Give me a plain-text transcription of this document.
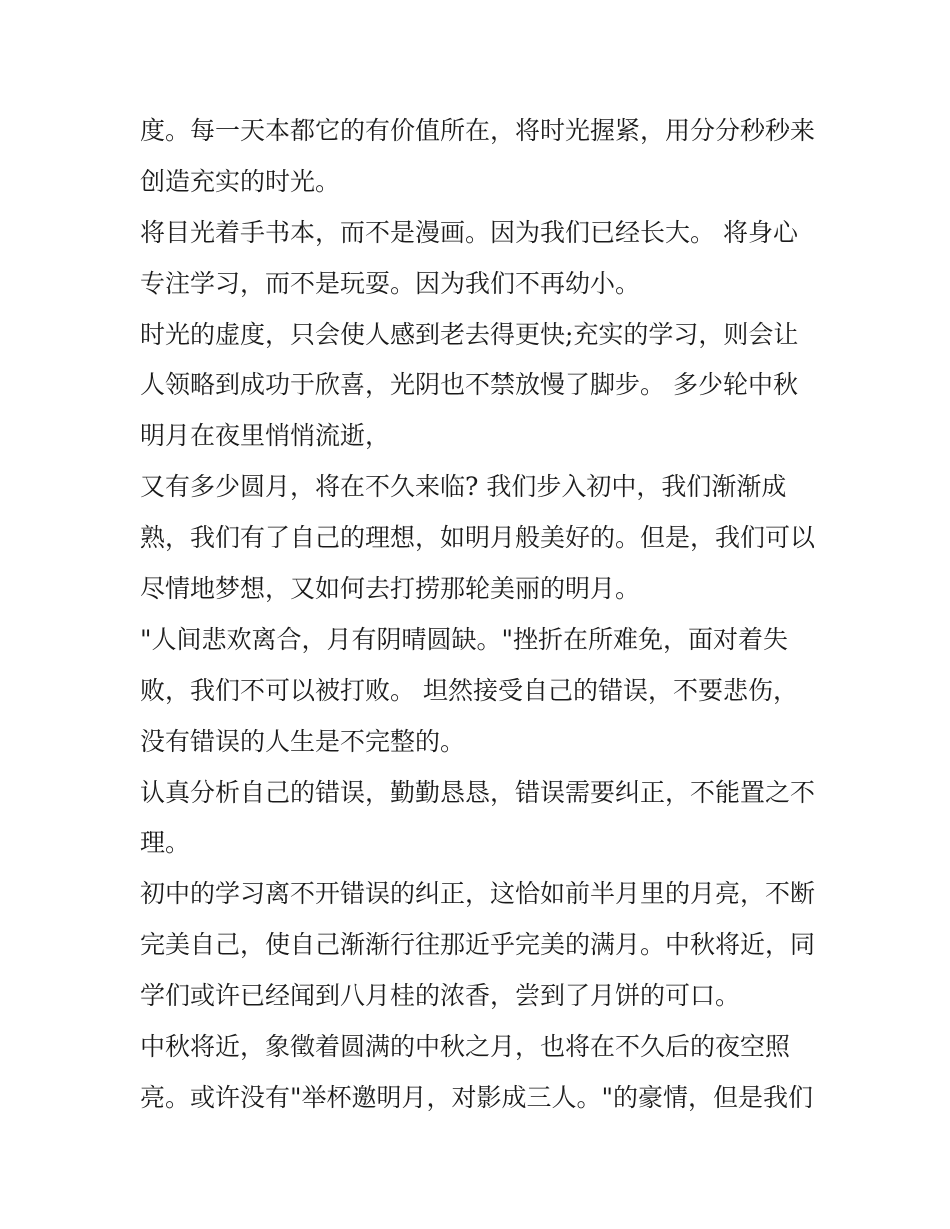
度。每一天本都它的有价值所在，将时光握紧，用分分秒秒来
创造充实的时光。
将目光着手书本，而不是漫画。因为我们已经长大。 将身心
专注学习，而不是玩耍。因为我们不再幼小。
时光的虚度，只会使人感到老去得更快;充实的学习，则会让
人领略到成功于欣喜，光阴也不禁放慢了脚步。 多少轮中秋
明月在夜里悄悄流逝，
又有多少圆月，将在不久来临? 我们步入初中，我们渐渐成
熟，我们有了自己的理想，如明月般美好的。但是，我们可以
尽情地梦想，又如何去打捞那轮美丽的明月。
"人间悲欢离合，月有阴晴圆缺。"挫折在所难免，面对着失
败，我们不可以被打败。 坦然接受自己的错误，不要悲伤，
没有错误的人生是不完整的。
认真分析自己的错误，勤勤恳恳，错误需要纠正，不能置之不
理。
初中的学习离不开错误的纠正，这恰如前半月里的月亮，不断
完美自己，使自己渐渐行往那近乎完美的满月。中秋将近，同
学们或许已经闻到八月桂的浓香，尝到了月饼的可口。
中秋将近，象徵着圆满的中秋之月，也将在不久后的夜空照
亮。或许没有"举杯邀明月，对影成三人。"的豪情，但是我们
